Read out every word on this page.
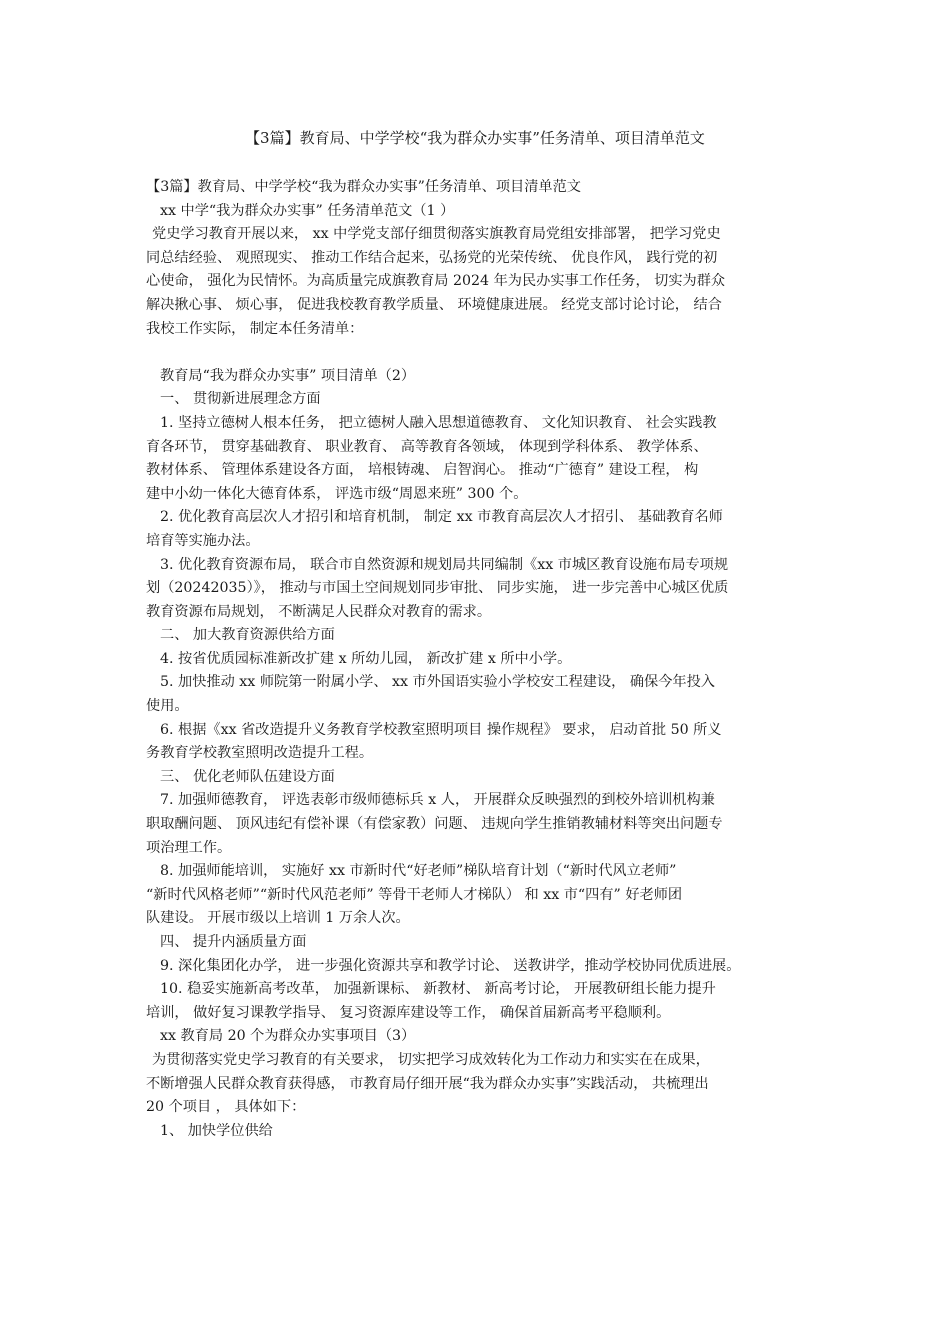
【3篇】教育局、中学学校“我为群众办实事”任务清单、项目清单范文
【3篇】教育局、中学学校“我为群众办实事”任务清单、项目清单范文
xx 中学“我为群众办实事” 任务清单范文（1 ）
党史学习教育开展以来， xx 中学党支部仔细贯彻落实旗教育局党组安排部署， 把学习党史
同总结经验、 观照现实、 推动工作结合起来，弘扬党的光荣传统、 优良作风， 践行党的初
心使命， 强化为民情怀。为高质量完成旗教育局 2024 年为民办实事工作任务， 切实为群众
解决揪心事、 烦心事， 促进我校教育教学质量、 环境健康进展。 经党支部讨论讨论， 结合
我校工作实际， 制定本任务清单：
教育局“我为群众办实事” 项目清单（2）
一、 贯彻新进展理念方面
1. 坚持立德树人根本任务， 把立德树人融入思想道德教育、 文化知识教育、 社会实践教
育各环节， 贯穿基础教育、 职业教育、 高等教育各领域， 体现到学科体系、 教学体系、
教材体系、 管理体系建设各方面， 培根铸魂、 启智润心。 推动“广德育” 建设工程， 构
建中小幼一体化大德育体系， 评选市级“周恩来班” 300 个。
2. 优化教育高层次人才招引和培育机制， 制定 xx 市教育高层次人才招引、 基础教育名师
培育等实施办法。
3. 优化教育资源布局， 联合市自然资源和规划局共同编制《xx 市城区教育设施布局专项规
划（20242035）》， 推动与市国土空间规划同步审批、 同步实施， 进一步完善中心城区优质
教育资源布局规划， 不断满足人民群众对教育的需求。
二、 加大教育资源供给方面
4. 按省优质园标准新改扩建 x 所幼儿园， 新改扩建 x 所中小学。
5. 加快推动 xx 师院第一附属小学、 xx 市外国语实验小学校安工程建设， 确保今年投入
使用。
6. 根据《xx 省改造提升义务教育学校教室照明项目 操作规程》 要求， 启动首批 50 所义
务教育学校教室照明改造提升工程。
三、 优化老师队伍建设方面
7. 加强师德教育， 评选表彰市级师德标兵 x 人， 开展群众反映强烈的到校外培训机构兼
职取酬问题、 顶风违纪有偿补课（有偿家教）问题、 违规向学生推销教辅材料等突出问题专
项治理工作。
8. 加强师能培训， 实施好 xx 市新时代“好老师”梯队培育计划（“新时代风立老师”
“新时代风格老师”“新时代风范老师” 等骨干老师人才梯队） 和 xx 市“四有” 好老师团
队建设。 开展市级以上培训 1 万余人次。
四、 提升内涵质量方面
9. 深化集团化办学， 进一步强化资源共享和教学讨论、 送教讲学，推动学校协同优质进展。
10. 稳妥实施新高考改革， 加强新课标、 新教材、 新高考讨论， 开展教研组长能力提升
培训， 做好复习课教学指导、 复习资源库建设等工作， 确保首届新高考平稳顺利。
xx 教育局 20 个为群众办实事项目（3）
为贯彻落实党史学习教育的有关要求， 切实把学习成效转化为工作动力和实实在在成果，
不断增强人民群众教育获得感， 市教育局仔细开展“我为群众办实事”实践活动， 共梳理出
20 个项目 ， 具体如下：
1、 加快学位供给
